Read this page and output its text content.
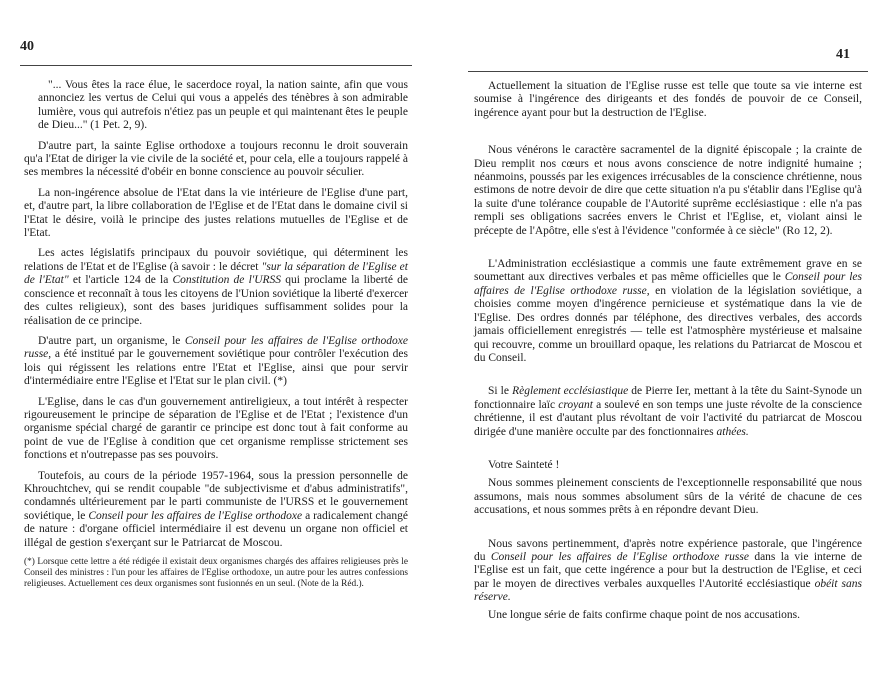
40

"... Vous êtes la race élue, le sacerdoce royal, la nation sainte, afin que vous annonciez les vertus de Celui qui vous a appelés des ténèbres à son admirable lumière, vous qui autrefois n'étiez pas un peuple et qui maintenant êtes le peuple de Dieu..." (1 Pet. 2, 9).

D'autre part, la sainte Eglise orthodoxe a toujours reconnu le droit souverain qu'a l'Etat de diriger la vie civile de la société et, pour cela, elle a toujours rappelé à ses membres la nécessité d'obéir en bonne conscience au pouvoir séculier.

La non-ingérence absolue de l'Etat dans la vie intérieure de l'Eglise d'une part, et, d'autre part, la libre collaboration de l'Eglise et de l'Etat dans le domaine civil si l'Etat le désire, voilà le principe des justes relations mutuelles de l'Eglise et de l'Etat.

Les actes législatifs principaux du pouvoir soviétique, qui déterminent les relations de l'Etat et de l'Eglise (à savoir : le décret "sur la séparation de l'Eglise et de l'Etat" et l'article 124 de la Constitution de l'URSS qui proclame la liberté de conscience et reconnaît à tous les citoyens de l'Union soviétique la liberté d'exercer des cultes religieux), sont des bases juridiques suffisamment solides pour la réalisation de ce principe.

D'autre part, un organisme, le Conseil pour les affaires de l'Eglise orthodoxe russe, a été institué par le gouvernement soviétique pour contrôler l'exécution des lois qui régissent les relations entre l'Etat et l'Eglise, ainsi que pour servir d'intermédiaire entre l'Eglise et l'Etat sur le plan civil. (*)

L'Eglise, dans le cas d'un gouvernement antireligieux, a tout intérêt à respecter rigoureusement le principe de séparation de l'Eglise et de l'Etat ; l'existence d'un organisme spécial chargé de garantir ce principe est donc tout à fait conforme au point de vue de l'Eglise à condition que cet organisme remplisse strictement ses fonctions et n'outrepasse pas ses pouvoirs.

Toutefois, au cours de la période 1957-1964, sous la pression personnelle de Khrouchtchev, qui se rendit coupable "de subjectivisme et d'abus administratifs", condamnés ultérieurement par le parti communiste de l'URSS et le gouvernement soviétique, le Conseil pour les affaires de l'Eglise orthodoxe a radicalement changé de nature : d'organe officiel intermédiaire il est devenu un organe non officiel et illégal de gestion s'exerçant sur le Patriarcat de Moscou.

(*) Lorsque cette lettre a été rédigée il existait deux organismes chargés des affaires religieuses près le Conseil des ministres : l'un pour les affaires de l'Eglise orthodoxe, un autre pour les autres confessions religieuses. Actuellement ces deux organismes sont fusionnés en un seul. (Note de la Réd.).
41

Actuellement la situation de l'Eglise russe est telle que toute sa vie interne est soumise à l'ingérence des dirigeants et des fondés de pouvoir de ce Conseil, ingérence ayant pour but la destruction de l'Eglise.

Nous vénérons le caractère sacramentel de la dignité épiscopale ; la crainte de Dieu remplit nos cœurs et nous avons conscience de notre indignité humaine ; néanmoins, poussés par les exigences irrécusables de la conscience chrétienne, nous estimons de notre devoir de dire que cette situation n'a pu s'établir dans l'Eglise qu'à la suite d'une tolérance coupable de l'Autorité suprême ecclésiastique : elle n'a pas rempli ses obligations sacrées envers le Christ et l'Eglise, et, violant ainsi le précepte de l'Apôtre, elle s'est à l'évidence "conformée à ce siècle" (Ro 12, 2).

L'Administration ecclésiastique a commis une faute extrêmement grave en se soumettant aux directives verbales et pas même officielles que le Conseil pour les affaires de l'Eglise orthodoxe russe, en violation de la législation soviétique, a choisies comme moyen d'ingérence pernicieuse et systématique dans la vie de l'Eglise. Des ordres donnés par téléphone, des directives verbales, des accords jamais officiellement enregistrés — telle est l'atmosphère mystérieuse et malsaine qui recouvre, comme un brouillard opaque, les relations du Patriarcat de Moscou et du Conseil.

Si le Règlement ecclésiastique de Pierre Ier, mettant à la tête du Saint-Synode un fonctionnaire laïc croyant a soulevé en son temps une juste révolte de la conscience chrétienne, il est d'autant plus révoltant de voir l'activité du patriarcat de Moscou dirigée d'une manière occulte par des fonctionnaires athées.

Votre Sainteté !

Nous sommes pleinement conscients de l'exceptionnelle responsabilité que nous assumons, mais nous sommes absolument sûrs de la vérité de chacune de ces accusations, et nous sommes prêts à en répondre devant Dieu.

Nous savons pertinemment, d'après notre expérience pastorale, que l'ingérence du Conseil pour les affaires de l'Eglise orthodoxe russe dans la vie interne de l'Eglise est un fait, que cette ingérence a pour but la destruction de l'Eglise, et ceci par le moyen de directives verbales auxquelles l'Autorité ecclésiastique obéit sans réserve.

Une longue série de faits confirme chaque point de nos accusations.
